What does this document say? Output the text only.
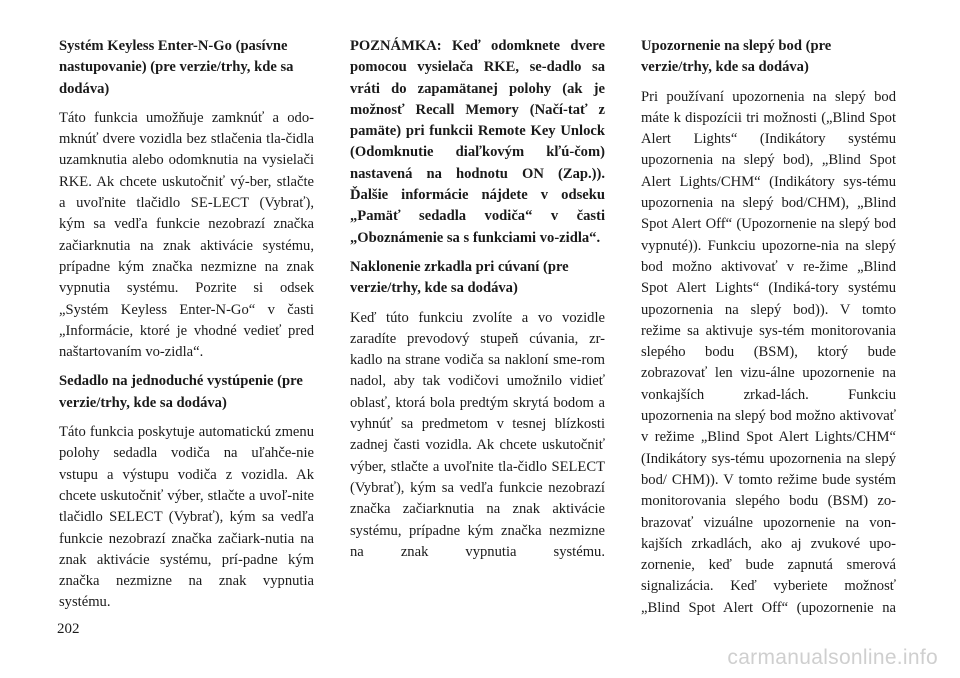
Systém Keyless Enter-N-Go (pasívne nastupovanie) (pre verzie/trhy, kde sa dodáva)

Táto funkcia umožňuje zamknúť a odo-mknúť dvere vozidla bez stlačenia tla-čidla uzamknutia alebo odomknutia na vysielači RKE. Ak chcete uskutočniť vý-ber, stlačte a uvoľnite tlačidlo SE-LECT (Vybrať), kým sa vedľa funkcie nezobrazí značka začiarknutia na znak aktivácie systému, prípadne kým značka nezmizne na znak vypnutia systému. Pozrite si odsek „Systém Keyless Enter-N-Go“ v časti „Informácie, ktoré je vhodné vedieť pred naštartovaním vo-zidla“.

Sedadlo na jednoduché vystúpenie (pre verzie/trhy, kde sa dodáva)

Táto funkcia poskytuje automatickú zmenu polohy sedadla vodiča na uľahče-nie vstupu a výstupu vodiča z vozidla. Ak chcete uskutočniť výber, stlačte a uvoľ-nite tlačidlo SELECT (Vybrať), kým sa vedľa funkcie nezobrazí značka začiark-nutia na znak aktivácie systému, prí-padne kým značka nezmizne na znak vypnutia systému.

POZNÁMKA: Keď odomknete dvere pomocou vysielača RKE, se-dadlo sa vráti do zapamätanej polohy (ak je možnosť Recall Memory (Načí-tať z pamäte) pri funkcii Remote Key Unlock (Odomknutie diaľkovým kľú-čom) nastavená na hodnotu ON (Zap.)). Ďalšie informácie nájdete v odseku „Pamäť sedadla vodiča“ v časti „Oboznámenie sa s funkciami vo-zidla“.

Naklonenie zrkadla pri cúvaní (pre verzie/trhy, kde sa dodáva)

Keď túto funkciu zvolíte a vo vozidle zaradíte prevodový stupeň cúvania, zr-kadlo na strane vodiča sa nakloní sme-rom nadol, aby tak vodičovi umožnilo vidieť oblasť, ktorá bola predtým skrytá bodom a vyhnúť sa predmetom v tesnej blízkosti zadnej časti vozidla. Ak chcete uskutočniť výber, stlačte a uvoľnite tla-čidlo SELECT (Vybrať), kým sa vedľa funkcie nezobrazí značka začiarknutia na znak aktivácie systému, prípadne kým značka nezmizne na znak vypnutia systému.

Upozornenie na slepý bod (pre verzie/trhy, kde sa dodáva)

Pri používaní upozornenia na slepý bod máte k dispozícii tri možnosti („Blind Spot Alert Lights“ (Indikátory systému upozornenia na slepý bod), „Blind Spot Alert Lights/CHM“ (Indikátory sys-tému upozornenia na slepý bod/CHM), „Blind Spot Alert Off“ (Upozornenie na slepý bod vypnuté)). Funkciu upozorne-nia na slepý bod možno aktivovať v re-žime „Blind Spot Alert Lights“ (Indiká-tory systému upozornenia na slepý bod)). V tomto režime sa aktivuje sys-tém monitorovania slepého bodu (BSM), ktorý bude zobrazovať len vizu-álne upozornenie na vonkajších zrkad-lách. Funkciu upozornenia na slepý bod možno aktivovať v režime „Blind Spot Alert Lights/CHM“ (Indikátory sys-tému upozornenia na slepý bod/ CHM)). V tomto režime bude systém monitorovania slepého bodu (BSM) zo-brazovať vizuálne upozornenie na von-kajších zrkadlách, ako aj zvukové upo-zornenie, keď bude zapnutá smerová signalizácia. Keď vyberiete možnosť „Blind Spot Alert Off“ (upozornenie na

202
carmanualsonline.info
